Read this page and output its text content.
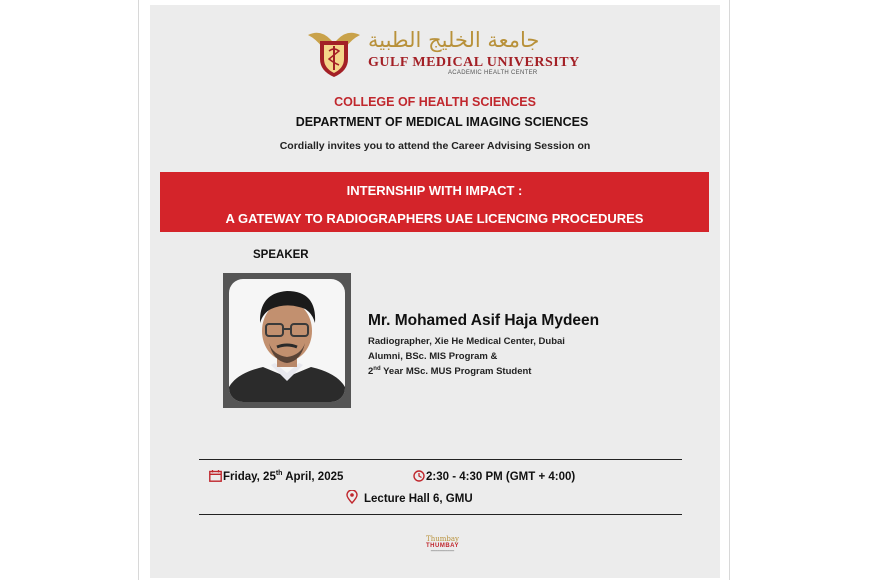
جامعة الخليج الطبية
GULF MEDICAL UNIVERSITY
ACADEMIC HEALTH CENTER
COLLEGE OF HEALTH SCIENCES
DEPARTMENT OF MEDICAL IMAGING SCIENCES
Cordially invites you to attend the Career Advising Session on
INTERNSHIP WITH IMPACT :
A GATEWAY TO RADIOGRAPHERS UAE LICENCING PROCEDURES
SPEAKER
Mr. Mohamed Asif Haja Mydeen
Radiographer, Xie He Medical Center, Dubai
Alumni, BSc. MIS Program &
2nd Year MSc. MUS Program Student
Friday, 25th April, 2025	2:30 - 4:30 PM (GMT + 4:00)
Lecture Hall 6, GMU
Thumbay
THUMBAY
━━━━━━━━━━━
